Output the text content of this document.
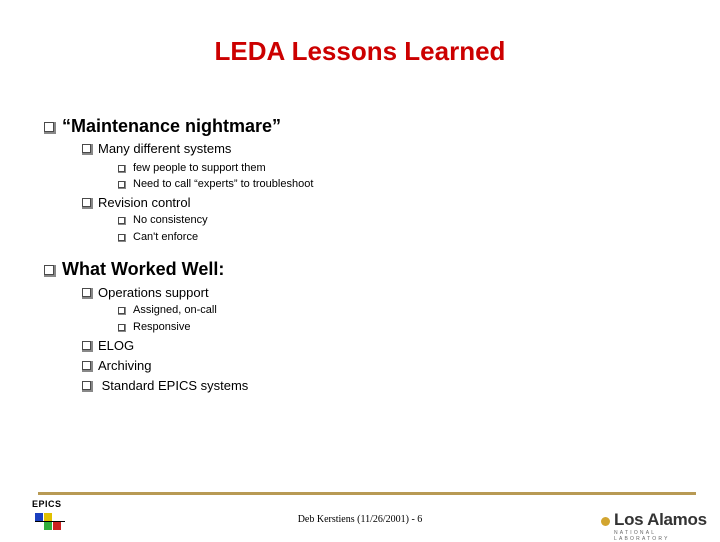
LEDA Lessons Learned
“Maintenance nightmare”
Many different systems
few people to support them
Need to call “experts” to troubleshoot
Revision control
No consistency
Can't enforce
What Worked Well:
Operations support
Assigned, on-call
Responsive
ELOG
Archiving
Standard EPICS systems
EPICS
Deb Kerstiens (11/26/2001) - 6	Los Alamos
NATIONAL LABORATORY
